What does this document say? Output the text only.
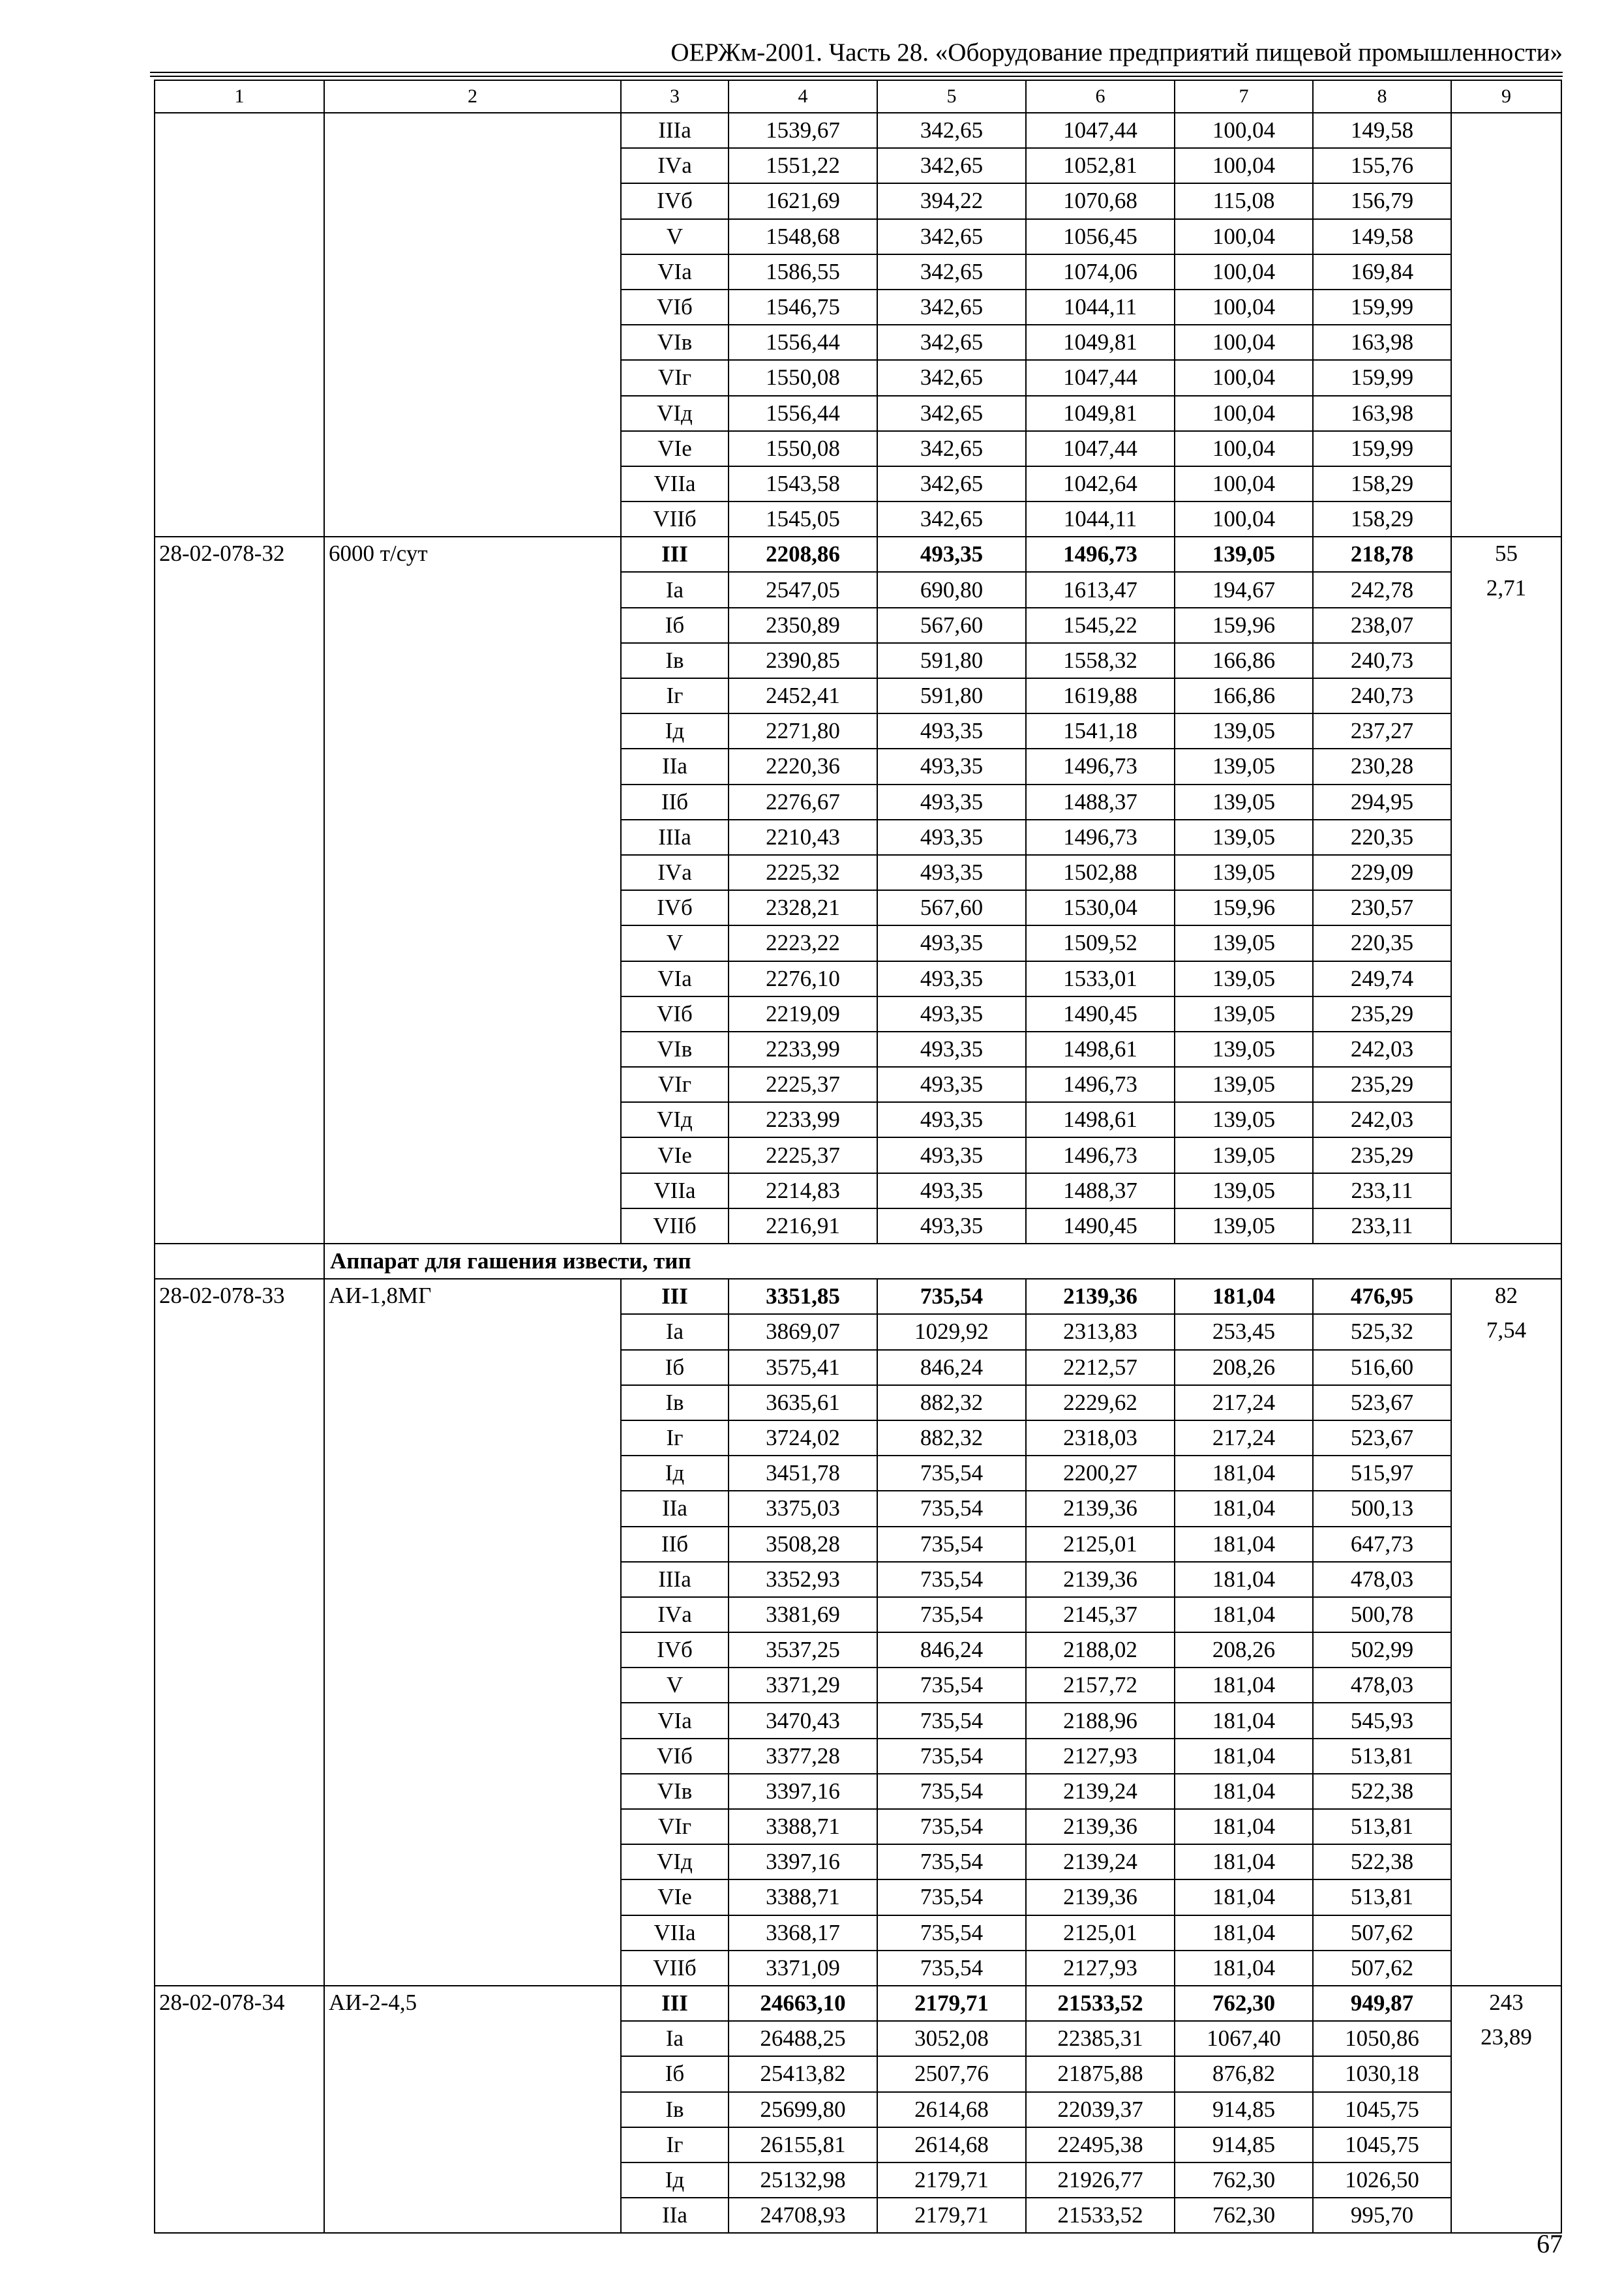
ОЕРЖм-2001. Часть 28. «Оборудование предприятий пищевой промышленности»
1	2	3	4	5	6	7	8	9
		IIIа	1539,67	342,65	1047,44	100,04	149,58	
		IVа	1551,22	342,65	1052,81	100,04	155,76	
		IVб	1621,69	394,22	1070,68	115,08	156,79	
		V	1548,68	342,65	1056,45	100,04	149,58	
		VIа	1586,55	342,65	1074,06	100,04	169,84	
		VIб	1546,75	342,65	1044,11	100,04	159,99	
		VIв	1556,44	342,65	1049,81	100,04	163,98	
		VIг	1550,08	342,65	1047,44	100,04	159,99	
		VIд	1556,44	342,65	1049,81	100,04	163,98	
		VIе	1550,08	342,65	1047,44	100,04	159,99	
		VIIа	1543,58	342,65	1042,64	100,04	158,29	
		VIIб	1545,05	342,65	1044,11	100,04	158,29	
28-02-078-32	6000 т/сут	III	2208,86	493,35	1496,73	139,05	218,78	55
		Iа	2547,05	690,80	1613,47	194,67	242,78	2,71
		Iб	2350,89	567,60	1545,22	159,96	238,07	
		Iв	2390,85	591,80	1558,32	166,86	240,73	
		Iг	2452,41	591,80	1619,88	166,86	240,73	
		Iд	2271,80	493,35	1541,18	139,05	237,27	
		IIа	2220,36	493,35	1496,73	139,05	230,28	
		IIб	2276,67	493,35	1488,37	139,05	294,95	
		IIIа	2210,43	493,35	1496,73	139,05	220,35	
		IVа	2225,32	493,35	1502,88	139,05	229,09	
		IVб	2328,21	567,60	1530,04	159,96	230,57	
		V	2223,22	493,35	1509,52	139,05	220,35	
		VIа	2276,10	493,35	1533,01	139,05	249,74	
		VIб	2219,09	493,35	1490,45	139,05	235,29	
		VIв	2233,99	493,35	1498,61	139,05	242,03	
		VIг	2225,37	493,35	1496,73	139,05	235,29	
		VIд	2233,99	493,35	1498,61	139,05	242,03	
		VIе	2225,37	493,35	1496,73	139,05	235,29	
		VIIа	2214,83	493,35	1488,37	139,05	233,11	
		VIIб	2216,91	493,35	1490,45	139,05	233,11	
	Аппарат для гашения извести, тип							
28-02-078-33	АИ-1,8МГ	III	3351,85	735,54	2139,36	181,04	476,95	82
		Iа	3869,07	1029,92	2313,83	253,45	525,32	7,54
		Iб	3575,41	846,24	2212,57	208,26	516,60	
		Iв	3635,61	882,32	2229,62	217,24	523,67	
		Iг	3724,02	882,32	2318,03	217,24	523,67	
		Iд	3451,78	735,54	2200,27	181,04	515,97	
		IIа	3375,03	735,54	2139,36	181,04	500,13	
		IIб	3508,28	735,54	2125,01	181,04	647,73	
		IIIа	3352,93	735,54	2139,36	181,04	478,03	
		IVа	3381,69	735,54	2145,37	181,04	500,78	
		IVб	3537,25	846,24	2188,02	208,26	502,99	
		V	3371,29	735,54	2157,72	181,04	478,03	
		VIа	3470,43	735,54	2188,96	181,04	545,93	
		VIб	3377,28	735,54	2127,93	181,04	513,81	
		VIв	3397,16	735,54	2139,24	181,04	522,38	
		VIг	3388,71	735,54	2139,36	181,04	513,81	
		VIд	3397,16	735,54	2139,24	181,04	522,38	
		VIе	3388,71	735,54	2139,36	181,04	513,81	
		VIIа	3368,17	735,54	2125,01	181,04	507,62	
		VIIб	3371,09	735,54	2127,93	181,04	507,62	
28-02-078-34	АИ-2-4,5	III	24663,10	2179,71	21533,52	762,30	949,87	243
		Iа	26488,25	3052,08	22385,31	1067,40	1050,86	23,89
		Iб	25413,82	2507,76	21875,88	876,82	1030,18	
		Iв	25699,80	2614,68	22039,37	914,85	1045,75	
		Iг	26155,81	2614,68	22495,38	914,85	1045,75	
		Iд	25132,98	2179,71	21926,77	762,30	1026,50	
		IIа	24708,93	2179,71	21533,52	762,30	995,70	
67
